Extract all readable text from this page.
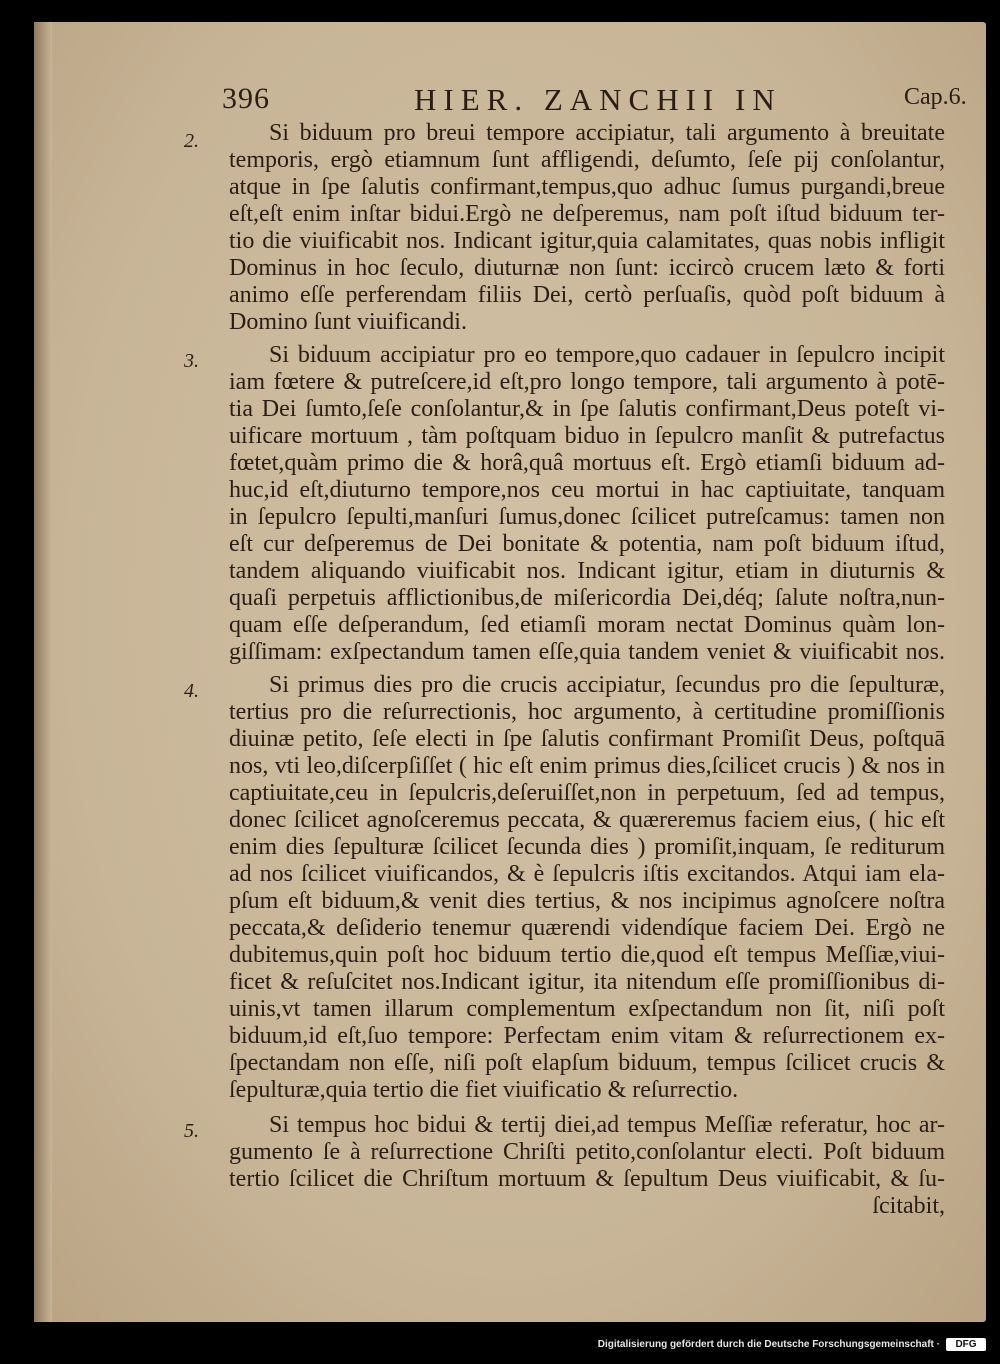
396	HIER. ZANCHII IN	Cap.6.
2.
3.
4.
5.
Si biduum pro breui tempore accipiatur, tali argumento à breuitate
temporis, ergò etiamnum ſunt affligendi, deſumto, ſeſe pij conſolantur,
atque in ſpe ſalutis confirmant,tempus,quo adhuc ſumus purgandi,breue
eſt,eſt enim inſtar bidui.Ergò ne deſperemus, nam poſt iſtud biduum ter-
tio die viuificabit nos. Indicant igitur,quia calamitates, quas nobis infligit
Dominus in hoc ſeculo, diuturnæ non ſunt: iccircò crucem læto & forti
animo eſſe perferendam filiis Dei, certò perſuaſis, quòd poſt biduum à
Domino ſunt viuificandi.
Si biduum accipiatur pro eo tempore,quo cadauer in ſepulcro incipit
iam fœtere & putreſcere,id eſt,pro longo tempore, tali argumento à potē-
tia Dei ſumto,ſeſe conſolantur,& in ſpe ſalutis confirmant,Deus poteſt vi-
uificare mortuum , tàm poſtquam biduo in ſepulcro manſit & putrefactus
fœtet,quàm primo die & horâ,quâ mortuus eſt. Ergò etiamſi biduum ad-
huc,id eſt,diuturno tempore,nos ceu mortui in hac captiuitate, tanquam
in ſepulcro ſepulti,manſuri ſumus,donec ſcilicet putreſcamus: tamen non
eſt cur deſperemus de Dei bonitate & potentia, nam poſt biduum iſtud,
tandem aliquando viuificabit nos. Indicant igitur, etiam in diuturnis &
quaſi perpetuis afflictionibus,de miſericordia Dei,déq; ſalute noſtra,nun-
quam eſſe deſperandum, ſed etiamſi moram nectat Dominus quàm lon-
giſſimam: exſpectandum tamen eſſe,quia tandem veniet & viuificabit nos.
Si primus dies pro die crucis accipiatur, ſecundus pro die ſepulturæ,
tertius pro die reſurrectionis, hoc argumento, à certitudine promiſſionis
diuinæ petito, ſeſe electi in ſpe ſalutis confirmant Promiſit Deus, poſtquā
nos, vti leo,diſcerpſiſſet ( hic eſt enim primus dies,ſcilicet crucis ) & nos in
captiuitate,ceu in ſepulcris,deſeruiſſet,non in perpetuum, ſed ad tempus,
donec ſcilicet agnoſceremus peccata, & quæreremus faciem eius, ( hic eſt
enim dies ſepulturæ ſcilicet ſecunda dies ) promiſit,inquam, ſe rediturum
ad nos ſcilicet viuificandos, & è ſepulcris iſtis excitandos. Atqui iam ela-
pſum eſt biduum,& venit dies tertius, & nos incipimus agnoſcere noſtra
peccata,& deſiderio tenemur quærendi videndíque faciem Dei. Ergò ne
dubitemus,quin poſt hoc biduum tertio die,quod eſt tempus Meſſiæ,viui-
ficet & reſuſcitet nos.Indicant igitur, ita nitendum eſſe promiſſionibus di-
uinis,vt tamen illarum complementum exſpectandum non ſit, niſi poſt
biduum,id eſt,ſuo tempore: Perfectam enim vitam & reſurrectionem ex-
ſpectandam non eſſe, niſi poſt elapſum biduum, tempus ſcilicet crucis &
ſepulturæ,quia tertio die fiet viuificatio & reſurrectio.
Si tempus hoc bidui & tertij diei,ad tempus Meſſiæ referatur, hoc ar-
gumento ſe à reſurrectione Chriſti petito,conſolantur electi. Poſt biduum
tertio ſcilicet die Chriſtum mortuum & ſepultum Deus viuificabit, & ſu-
ſcitabit,
Digitalisierung gefördert durch die Deutsche Forschungsgemeinschaft ·	DFG
